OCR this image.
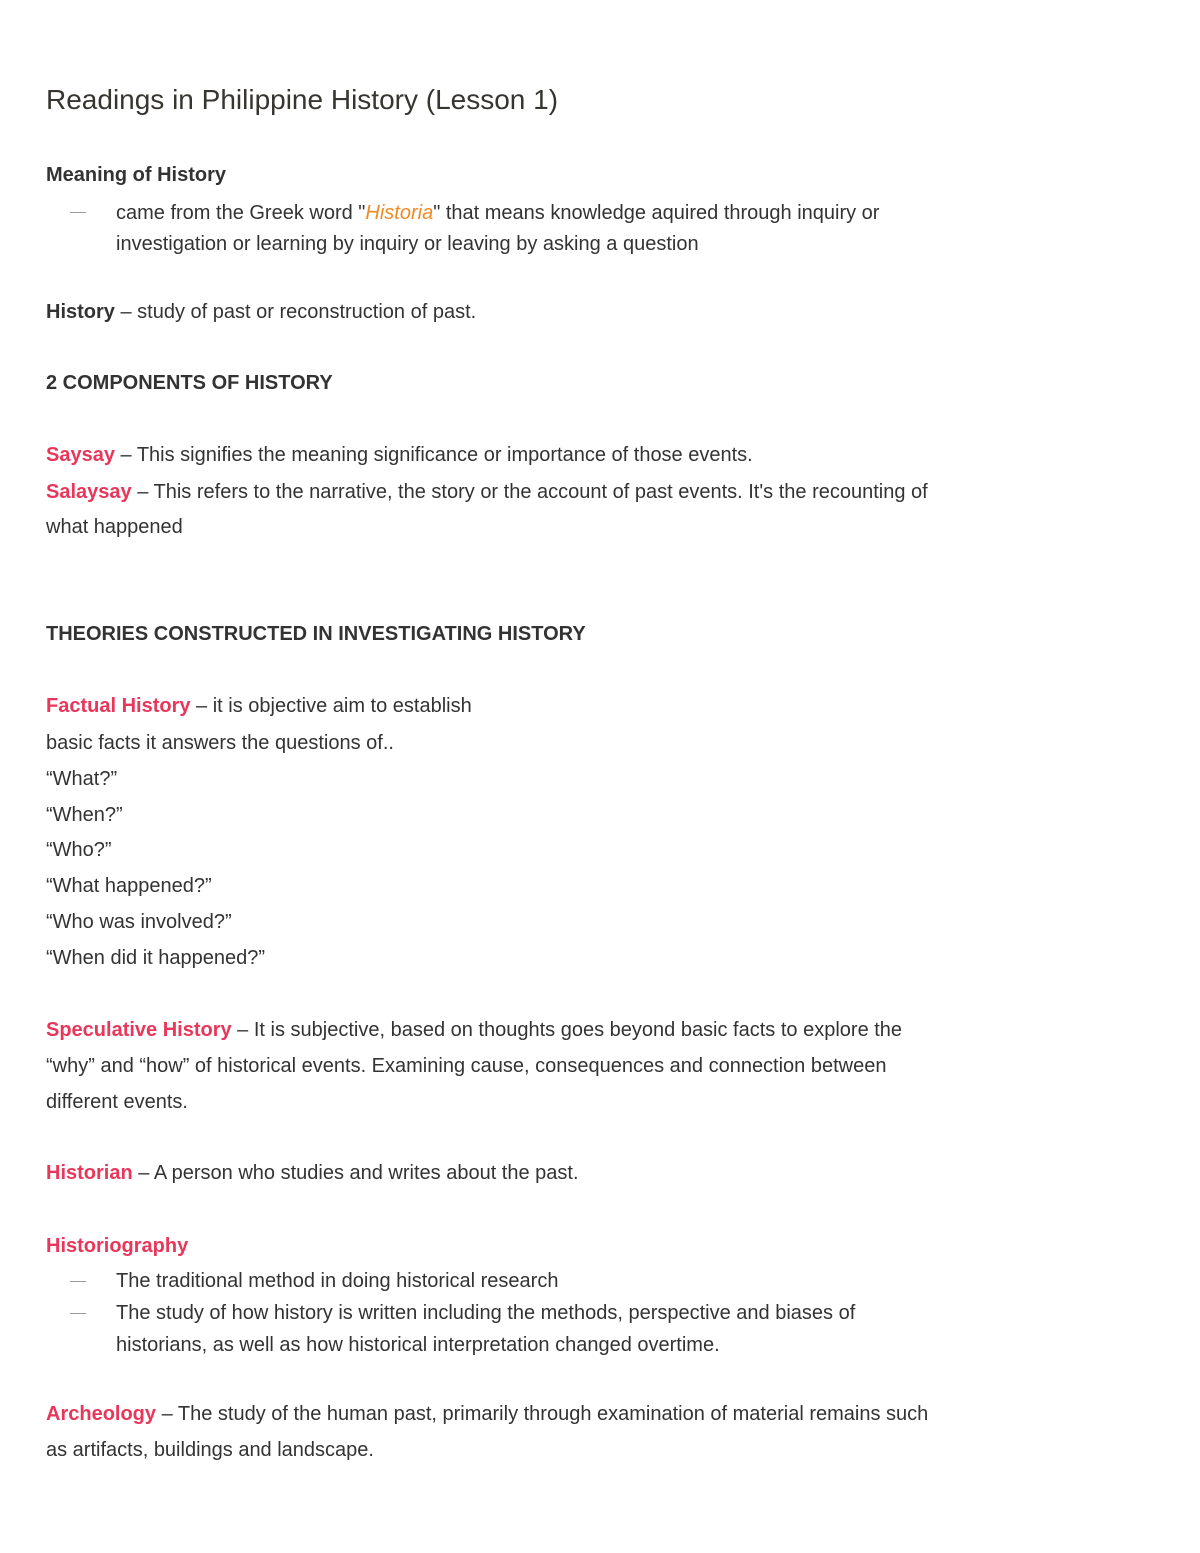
Readings in Philippine History (Lesson 1)

Meaning of History

came from the Greek word "Historia" that means knowledge aquired through inquiry or

investigation or learning by inquiry or leaving by asking a question

History – study of past or reconstruction of past.

2 COMPONENTS OF HISTORY

Saysay – This signifies the meaning significance or importance of those events.

Salaysay – This refers to the narrative, the story or the account of past events. It's the recounting of

what happened

THEORIES CONSTRUCTED IN INVESTIGATING HISTORY

Factual History – it is objective aim to establish

basic facts it answers the questions of..

“What?”

“When?”

“Who?”

“What happened?”

“Who was involved?”

“When did it happened?”

Speculative History – It is subjective, based on thoughts goes beyond basic facts to explore the

“why” and “how” of historical events. Examining cause, consequences and connection between

different events.

Historian – A person who studies and writes about the past.

Historiography

The traditional method in doing historical research

The study of how history is written including the methods, perspective and biases of

historians, as well as how historical interpretation changed overtime.

Archeology – The study of the human past, primarily through examination of material remains such

as artifacts, buildings and landscape.
